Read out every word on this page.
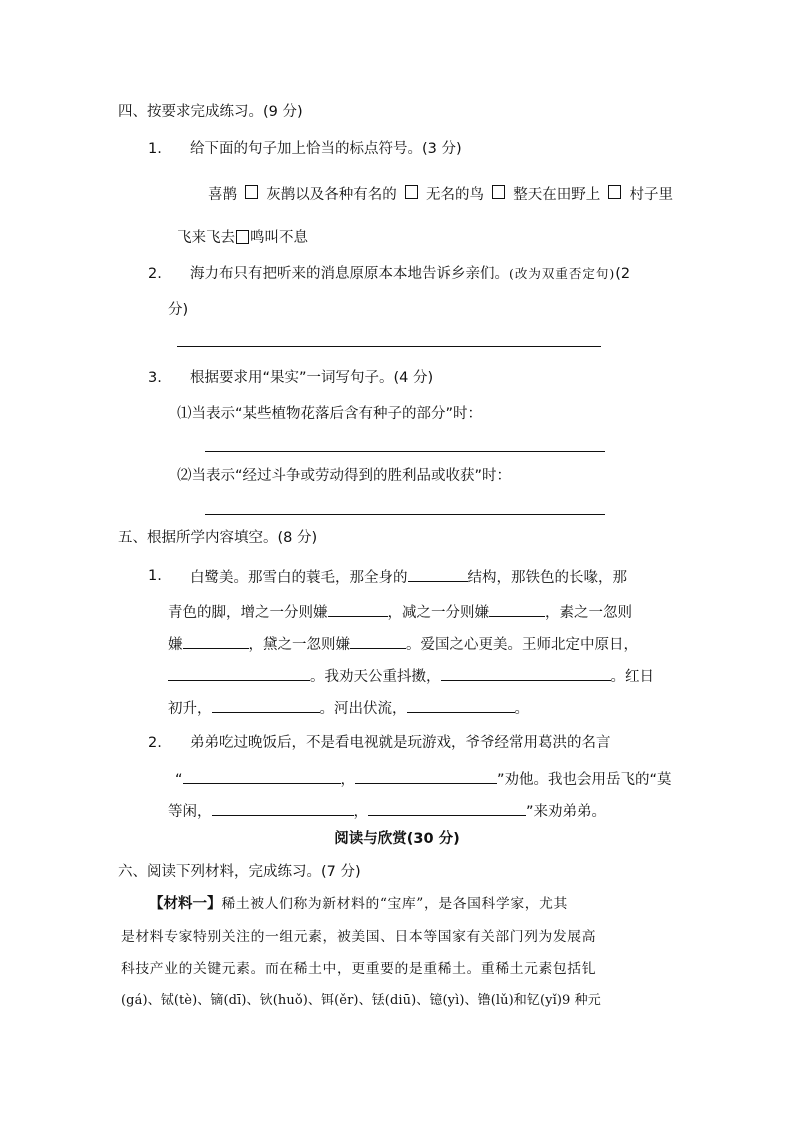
四、按要求完成练习。(9 分)
1. 给下面的句子加上恰当的标点符号。(3 分)
喜鹊 灰鹊以及各种有名的 无名的鸟 整天在田野上 村子里
飞来飞去 鸣叫不息
2. 海力布只有把听来的消息原原本本地告诉乡亲们。(改为双重否定句)(2
分)
3. 根据要求用“果实”一词写句子。(4 分)
⑴当表示“某些植物花落后含有种子的部分”时：
⑵当表示“经过斗争或劳动得到的胜利品或收获”时：
五、根据所学内容填空。(8 分)
1. 白鹭美。那雪白的蓑毛，那全身的	结构，那铁色的长喙，那
青色的脚，增之一分则嫌	，减之一分则嫌	，素之一忽则
嫌	，黛之一忽则嫌	。爱国之心更美。王师北定中原日，
。我劝天公重抖擞，	。红日
初升，	。河出伏流，	。
2. 弟弟吃过晚饭后，不是看电视就是玩游戏，爷爷经常用葛洪的名言
“	，	”劝他。我也会用岳飞的“莫
等闲，	，	”来劝弟弟。
阅读与欣赏(30 分)
六、阅读下列材料，完成练习。(7 分)
【材料一】稀土被人们称为新材料的“宝库”，是各国科学家，尤其
是材料专家特别关注的一组元素，被美国、日本等国家有关部门列为发展高
科技产业的关键元素。而在稀土中，更重要的是重稀土。重稀土元素包括钆
(gá)、铽(tè)、镝(dī)、钬(huǒ)、铒(ěr)、铥(diū)、镱(yì)、镥(lǔ)和钇(yǐ)9 种元
